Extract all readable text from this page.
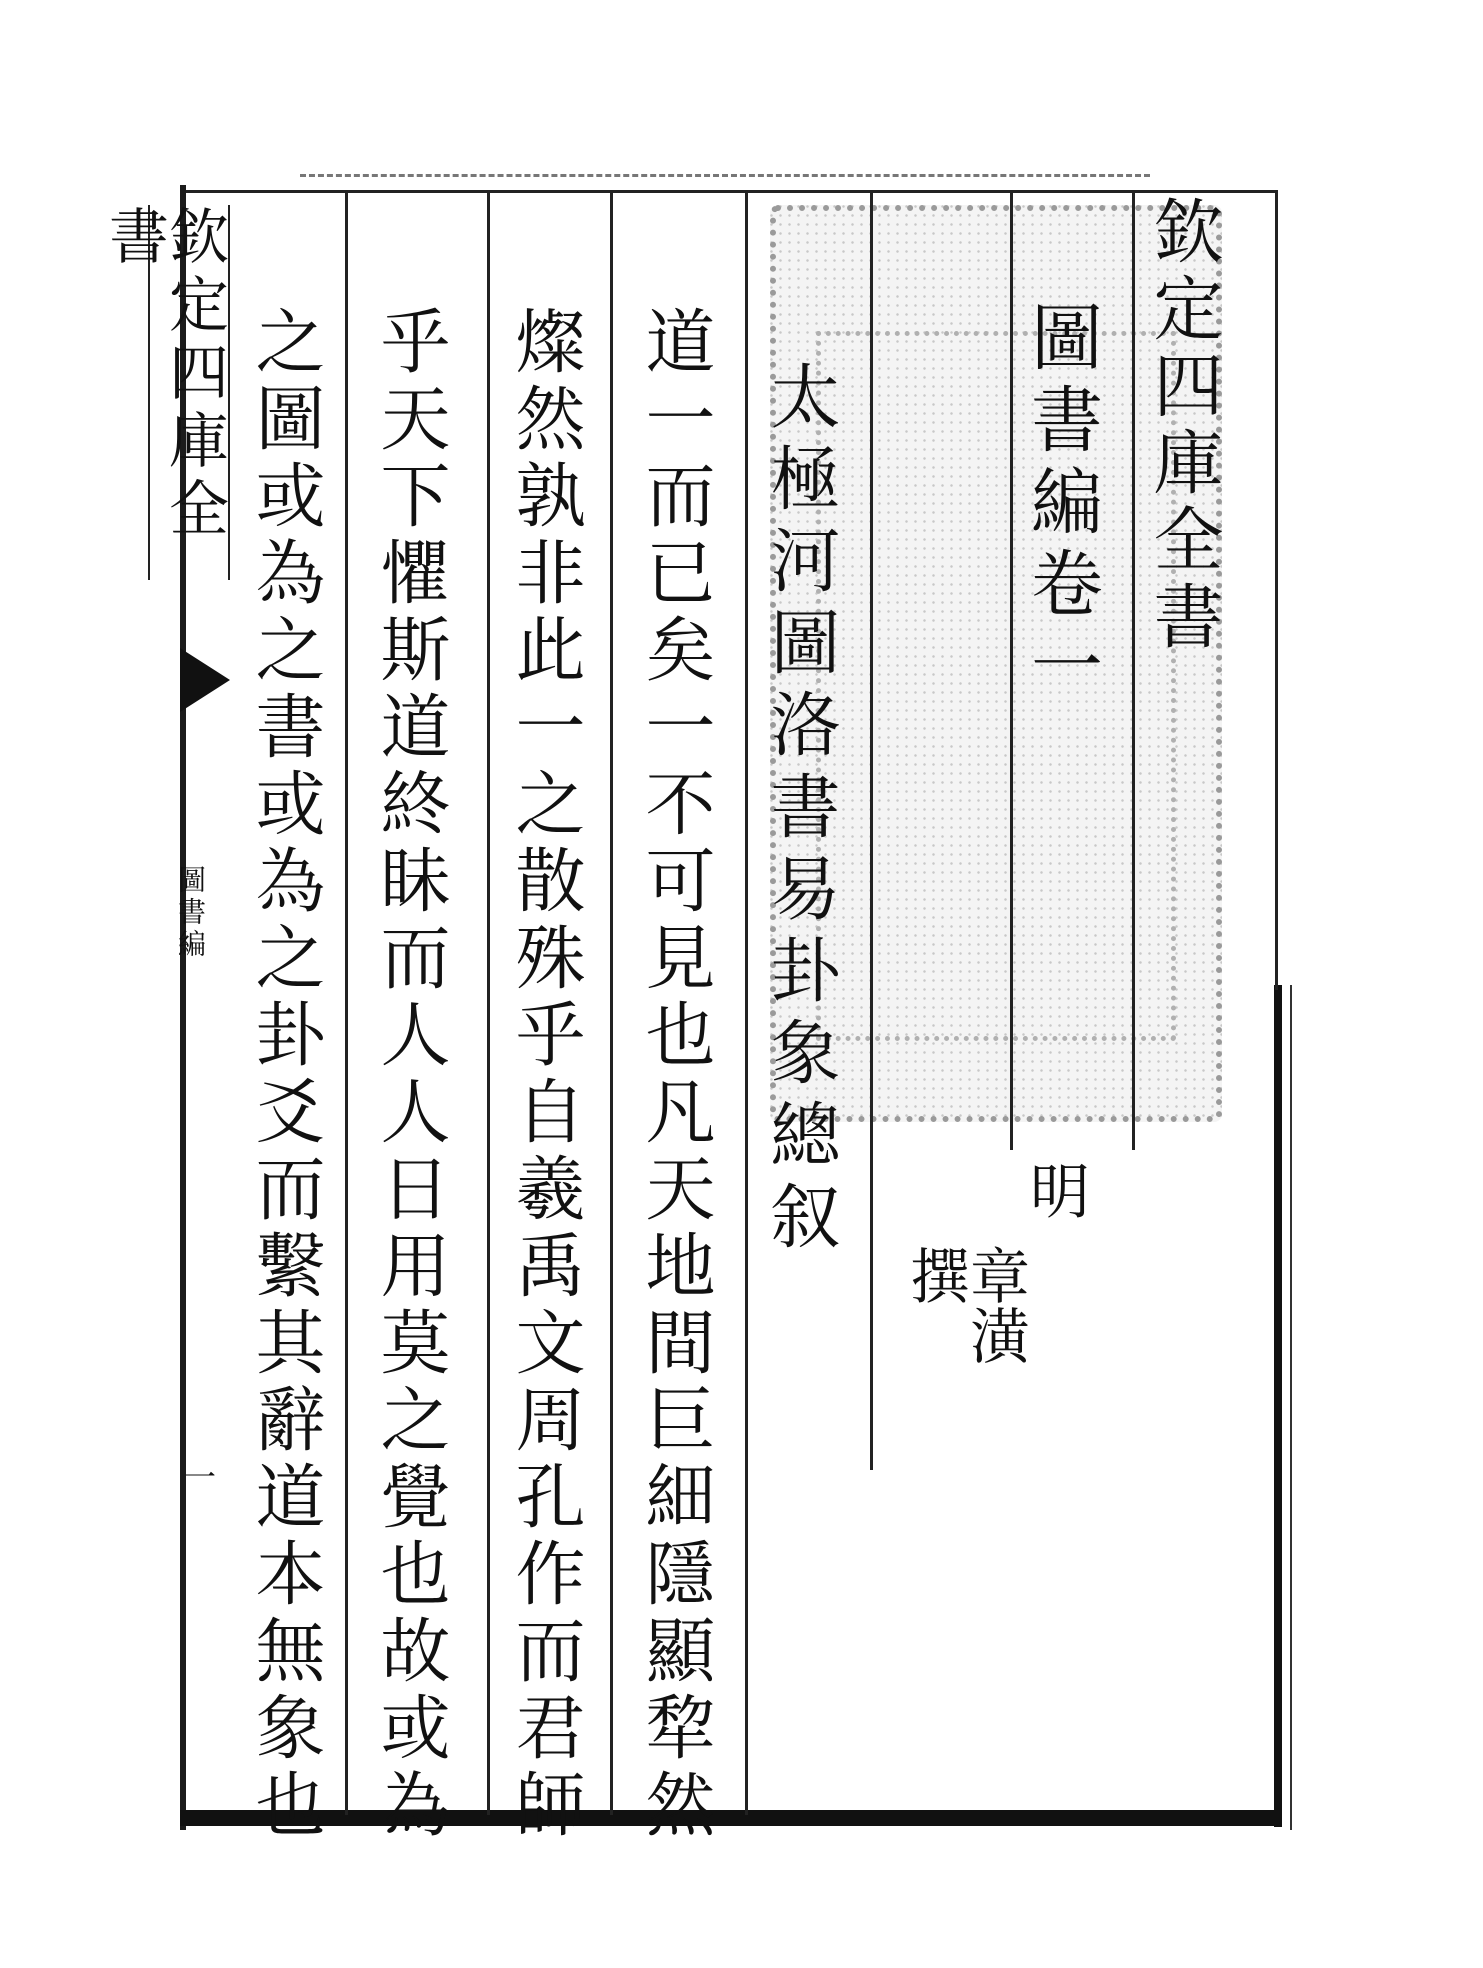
欽定四庫全書
圖書編
一
欽定四庫全書
圖書編卷一
明
章潢
撰
太極河圖洛書易卦象總叙
道一而已矣一不可見也凡天地間巨細隱顯犂然
燦然孰非此一之散殊乎自羲禹文周孔作而君師
乎天下懼斯道終眛而人人日用莫之覺也故或為
之圖或為之書或為之卦爻而繫其辭道本無象也
